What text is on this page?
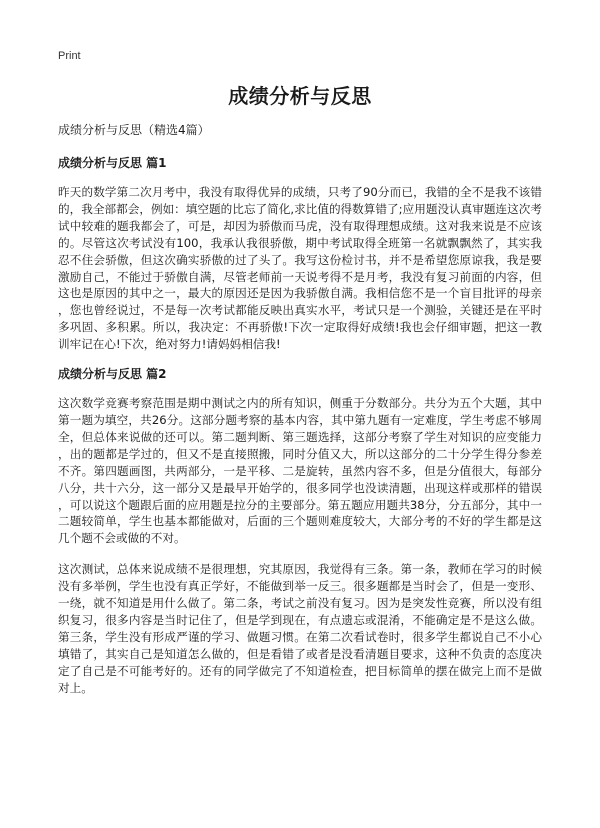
Print

成绩分析与反思

成绩分析与反思（精选4篇）

成绩分析与反思 篇1

昨天的数学第二次月考中，我没有取得优异的成绩，只考了90分而已，我错的全不是我不该错的，我全部都会，例如：填空题的比忘了简化,求比值的得数算错了;应用题没认真审题连这次考试中较难的题我都会了，可是，却因为骄傲而马虎，没有取得理想成绩。这对我来说是不应该的。尽管这次考试没有100，我承认我很骄傲，期中考试取得全班第一名就飘飘然了，其实我忍不住会骄傲，但这次确实骄傲的过了头了。我写这份检讨书，并不是希望您原谅我，我是要激励自己，不能过于骄傲自满，尽管老师前一天说考得不是月考，我没有复习前面的内容，但这也是原因的其中之一，最大的原因还是因为我骄傲自满。我相信您不是一个盲目批评的母亲，您也曾经说过，不是每一次考试都能反映出真实水平，考试只是一个测验，关键还是在平时多巩固、多积累。所以，我决定：不再骄傲!下次一定取得好成绩!我也会仔细审题，把这一教训牢记在心!下次，绝对努力!请妈妈相信我!

成绩分析与反思 篇2

这次数学竞赛考察范围是期中测试之内的所有知识，侧重于分数部分。共分为五个大题，其中第一题为填空，共26分。这部分题考察的基本内容，其中第九题有一定难度，学生考虑不够周全，但总体来说做的还可以。第二题判断、第三题选择，这部分考察了学生对知识的应变能力，出的题都是学过的，但又不是直接照搬，同时分值又大，所以这部分的二十分学生得分参差不齐。第四题画图，共两部分，一是平移、二是旋转，虽然内容不多，但是分值很大，每部分八分，共十六分，这一部分又是最早开始学的，很多同学也没读清题，出现这样或那样的错误，可以说这个题跟后面的应用题是拉分的主要部分。第五题应用题共38分，分五部分，其中一二题较简单，学生也基本都能做对，后面的三个题则难度较大，大部分考的不好的学生都是这几个题不会或做的不对。

这次测试，总体来说成绩不是很理想，究其原因，我觉得有三条。第一条，教师在学习的时候没有多举例，学生也没有真正学好，不能做到举一反三。很多题都是当时会了，但是一变形、一绕，就不知道是用什么做了。第二条，考试之前没有复习。因为是突发性竞赛，所以没有组织复习，很多内容是当时记住了，但是学到现在，有点遗忘或混淆，不能确定是不是这么做。第三条，学生没有形成严谨的学习、做题习惯。在第二次看试卷时，很多学生都说自己不小心填错了，其实自己是知道怎么做的，但是看错了或者是没看清题目要求，这种不负责的态度决定了自己是不可能考好的。还有的同学做完了不知道检查，把目标简单的摆在做完上而不是做对上。
